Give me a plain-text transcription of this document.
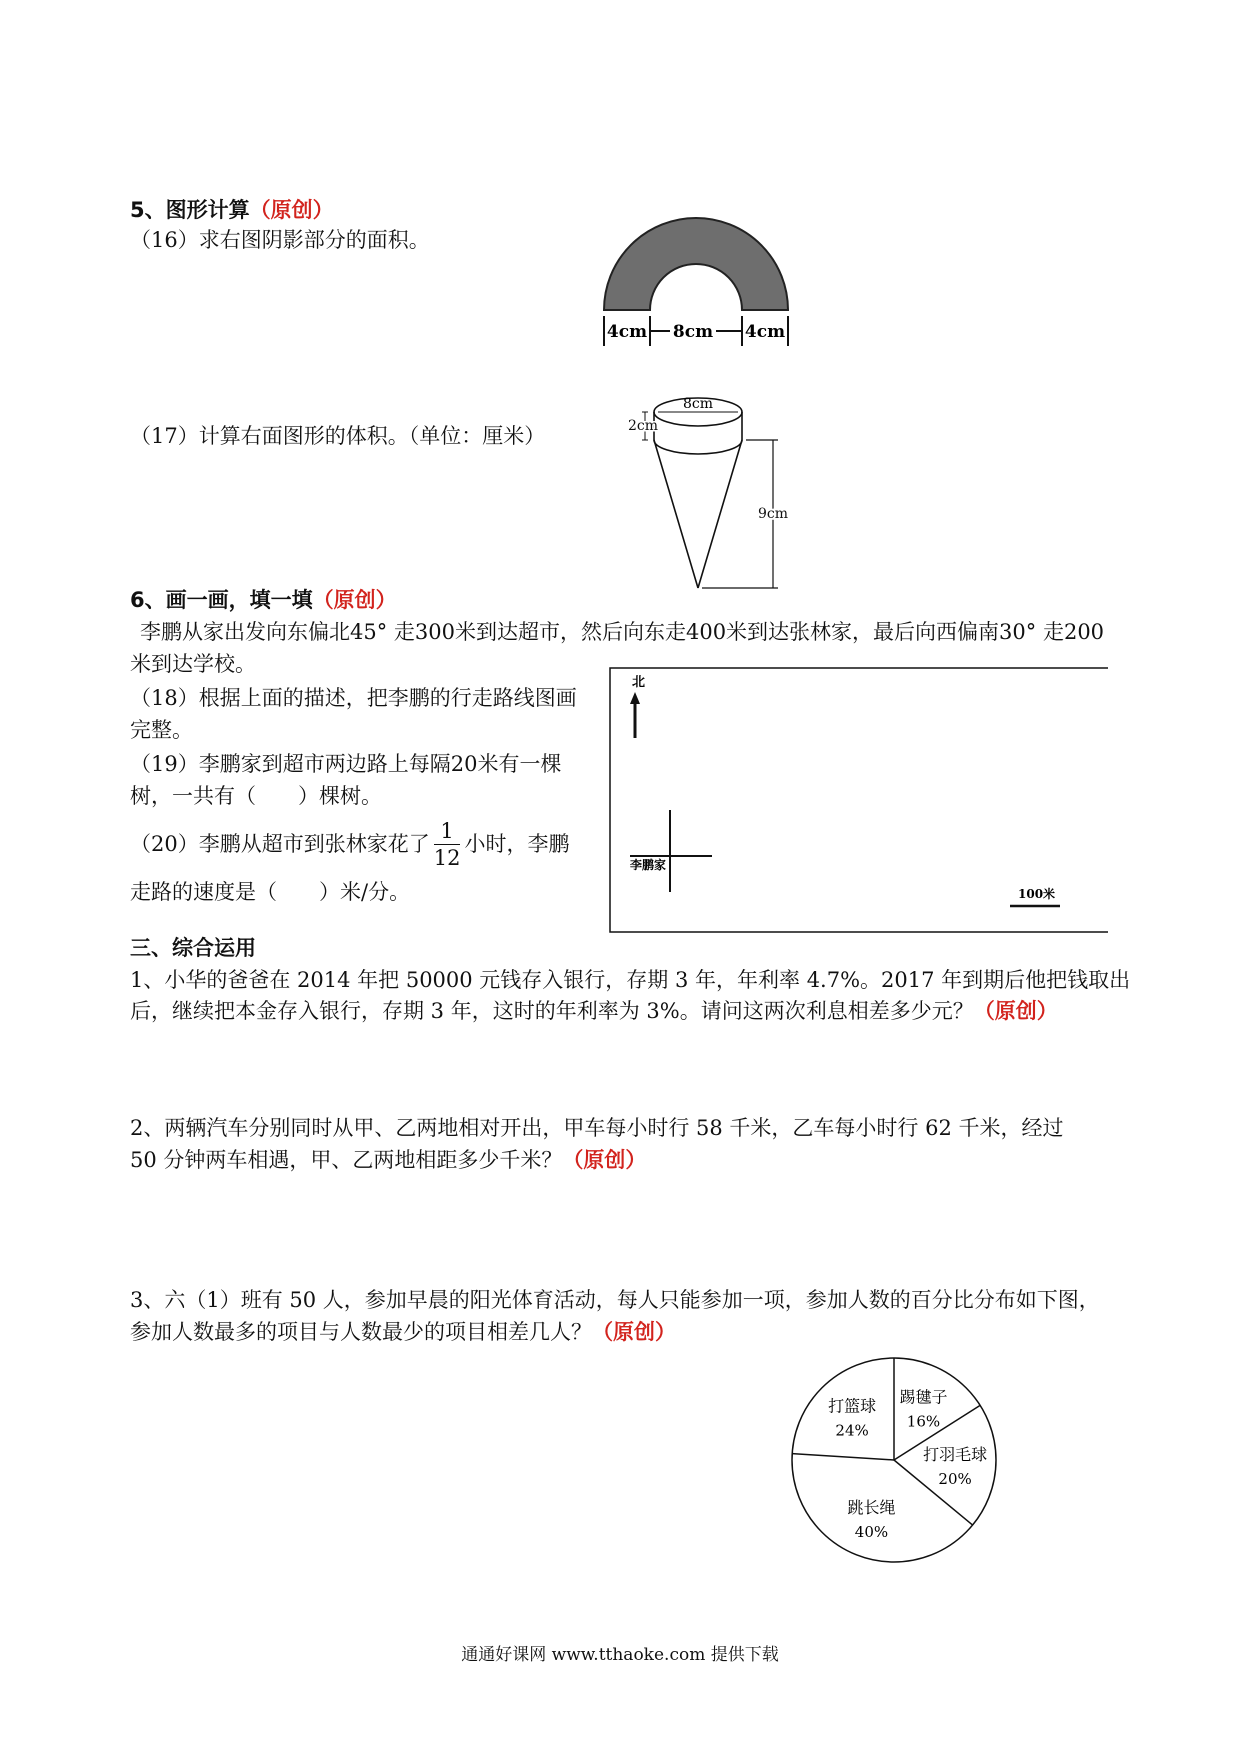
5、图形计算（原创）
（16）求右图阴影部分的面积。
4cm 8cm 4cm
（17）计算右面图形的体积。（单位：厘米）
8cm
2cm
9cm
6、画一画，填一填（原创）
李鹏从家出发向东偏北45° 走300米到达超市，然后向东走400米到达张林家，最后向西偏南30° 走200
米到达学校。
（18）根据上面的描述，把李鹏的行走路线图画
完整。
（19）李鹏家到超市两边路上每隔20米有一棵
树，一共有（　　）棵树。
（20）李鹏从超市到张林家花了 $\frac{1}{12}$ 小时，李鹏
走路的速度是（　　）米/分。
北
李鹏家
100米
三、综合运用
1、小华的爸爸在 2014 年把 50000 元钱存入银行，存期 3 年，年利率 4.7%。2017 年到期后他把钱取出
后，继续把本金存入银行，存期 3 年，这时的年利率为 3%。请问这两次利息相差多少元？（原创）
2、两辆汽车分别同时从甲、乙两地相对开出，甲车每小时行 58 千米，乙车每小时行 62 千米，经过
50 分钟两车相遇，甲、乙两地相距多少千米？（原创）
3、六（1）班有 50 人，参加早晨的阳光体育活动，每人只能参加一项，参加人数的百分比分布如下图，
参加人数最多的项目与人数最少的项目相差几人？（原创）
踢毽子
16%
打羽毛球
20%
跳长绳
40%
打篮球
24%
通通好课网 www.tthaoke.com 提供下载
